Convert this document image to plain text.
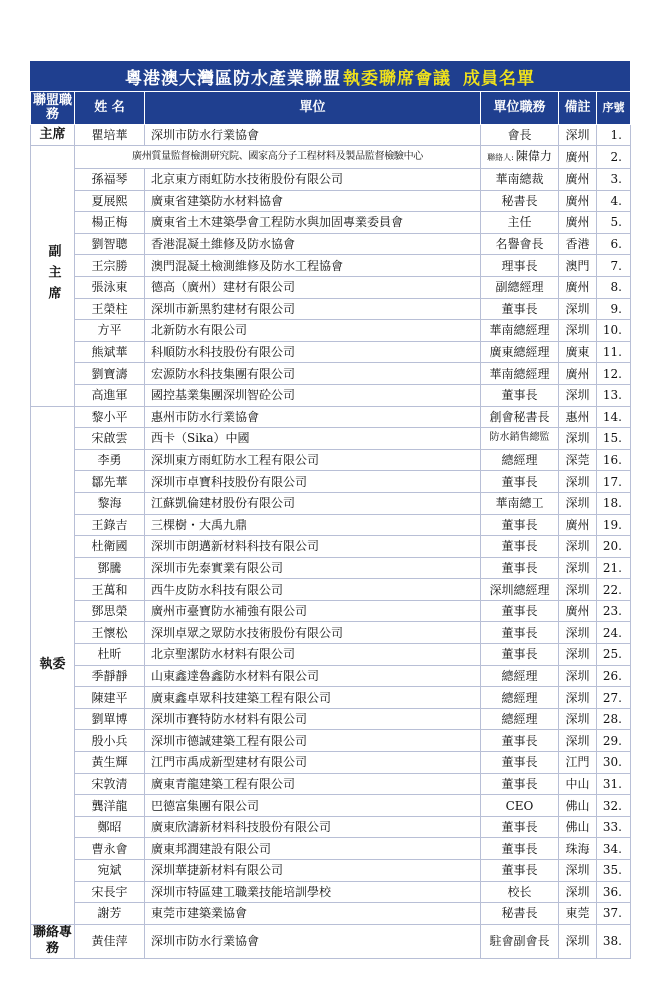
粵港澳大灣區防水產業聯盟 執委聯席會議 成員名單
聯盟職務	姓 名	單位	單位職務	備註	序號
主席	瞿培華	深圳市防水行業協會	會長	深圳	1.
副主席	廣州質量監督檢測研究院、國家高分子工程材料及製品監督檢驗中心		聯絡人: 陳偉力	廣州	2.
	孫福琴	北京東方雨虹防水技術股份有限公司	華南總裁	廣州	3.
	夏展熙	廣東省建築防水材料協會	秘書長	廣州	4.
	楊正梅	廣東省土木建築學會工程防水與加固專業委員會	主任	廣州	5.
	劉智聰	香港混凝土維修及防水協會	名譽會長	香港	6.
	王宗勝	澳門混凝土檢測維修及防水工程協會	理事長	澳門	7.
	張泳東	德高（廣州）建材有限公司	副總經理	廣州	8.
	王榮柱	深圳市新黑豹建材有限公司	董事長	深圳	9.
	方平	北新防水有限公司	華南總經理	深圳	10.
	熊斌華	科順防水科技股份有限公司	廣東總經理	廣東	11.
	劉寶濤	宏源防水科技集團有限公司	華南總經理	廣州	12.
	高進軍	國控基業集團深圳智砼公司	董事長	深圳	13.
執委	黎小平	惠州市防水行業協會	創會秘書長	惠州	14.
	宋啟雲	西卡（Sika）中國	防水銷售總監	深圳	15.
	李勇	深圳東方雨虹防水工程有限公司	總經理	深莞	16.
	鄒先華	深圳市卓寶科技股份有限公司	董事長	深圳	17.
	黎海	江蘇凱倫建材股份有限公司	華南總工	深圳	18.
	王錄吉	三棵樹・大禹九鼎	董事長	廣州	19.
	杜衛國	深圳市朗邁新材料科技有限公司	董事長	深圳	20.
	鄧騰	深圳市先泰實業有限公司	董事長	深圳	21.
	王萬和	西牛皮防水科技有限公司	深圳總經理	深圳	22.
	鄧思榮	廣州市臺寶防水補強有限公司	董事長	廣州	23.
	王懷松	深圳卓眾之眾防水技術股份有限公司	董事長	深圳	24.
	杜昕	北京聖潔防水材料有限公司	董事長	深圳	25.
	季靜靜	山東鑫達魯鑫防水材料有限公司	總經理	深圳	26.
	陳建平	廣東鑫卓眾科技建築工程有限公司	總經理	深圳	27.
	劉單博	深圳市賽特防水材料有限公司	總經理	深圳	28.
	殷小兵	深圳市德誠建築工程有限公司	董事長	深圳	29.
	黃生輝	江門市禹成新型建材有限公司	董事長	江門	30.
	宋敦清	廣東青龍建築工程有限公司	董事長	中山	31.
	龔洋龍	巴德富集團有限公司	CEO	佛山	32.
	鄭昭	廣東欣濤新材料科技股份有限公司	董事長	佛山	33.
	曹永會	廣東邦潤建設有限公司	董事長	珠海	34.
	宛斌	深圳華捷新材料有限公司	董事長	深圳	35.
	宋長宇	深圳市特區建工職業技能培訓學校	校长	深圳	36.
	謝芳	東莞市建築業協會	秘書長	東莞	37.
聯絡專務	黃佳萍	深圳市防水行業協會	駐會副會長	深圳	38.
